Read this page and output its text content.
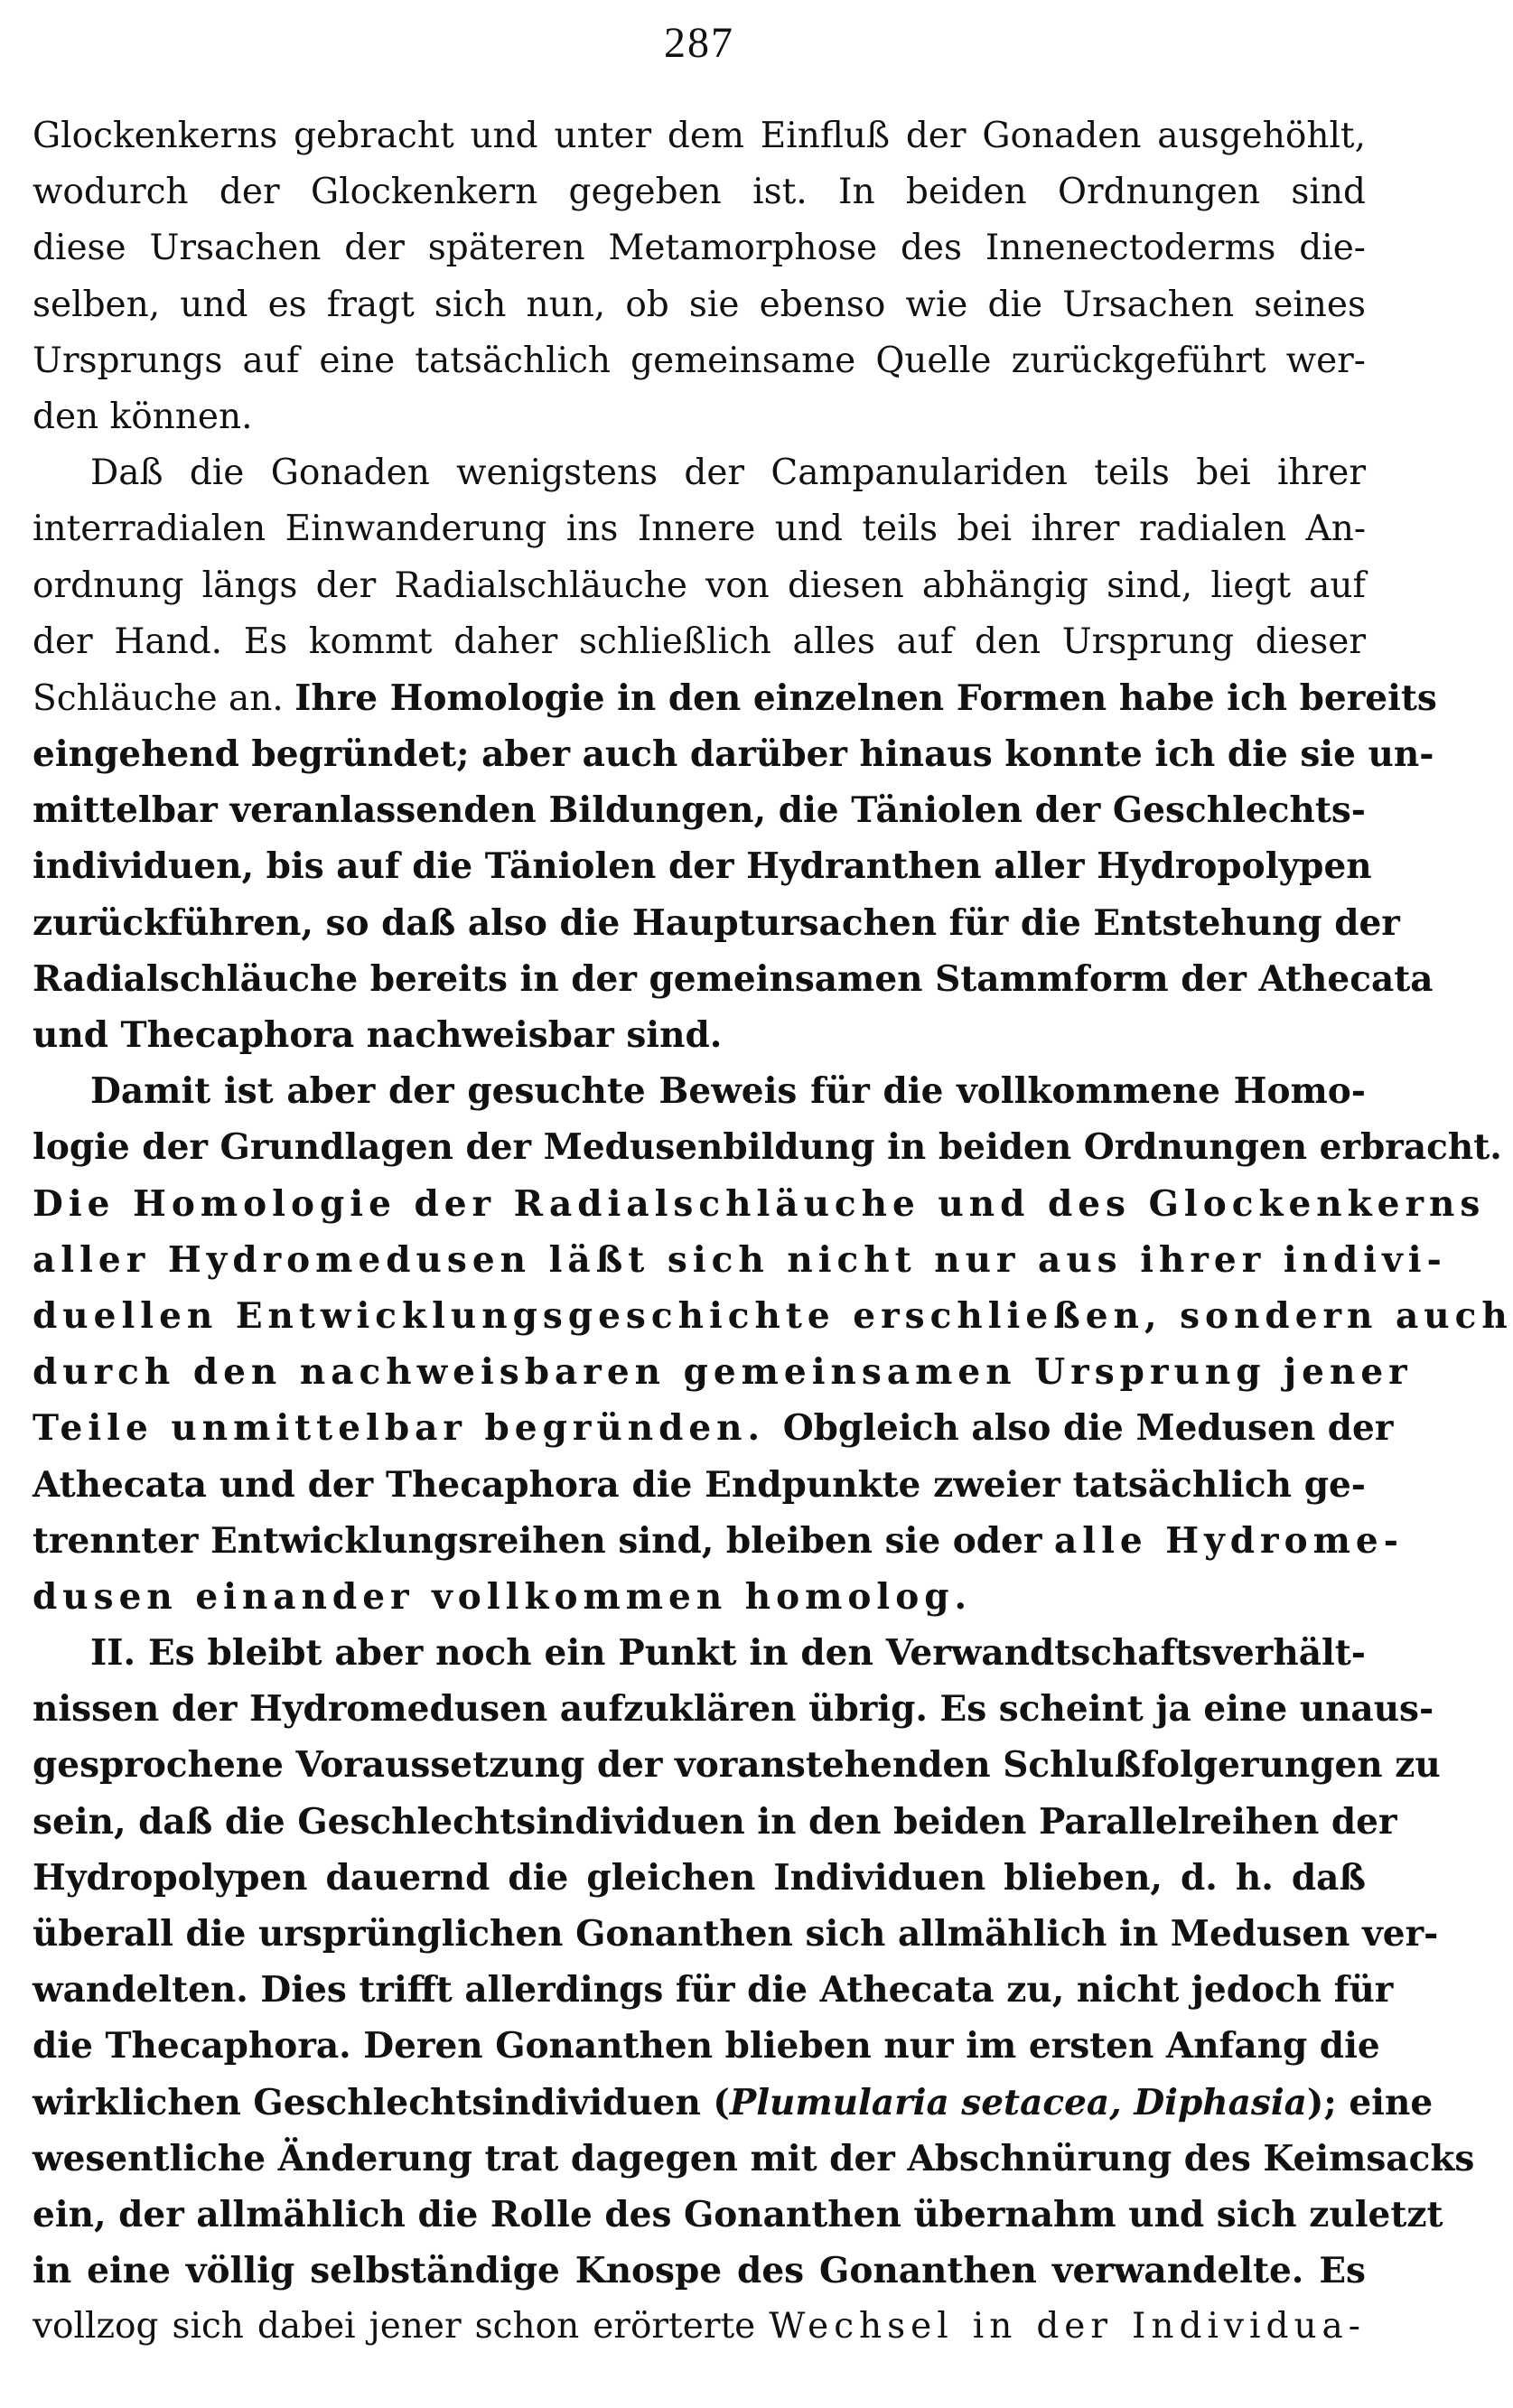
287
Glockenkerns gebracht und unter dem Einfluß der Gonaden ausgehöhlt,
wodurch der Glockenkern gegeben ist. In beiden Ordnungen sind
diese Ursachen der späteren Metamorphose des Innenectoderms die-
selben, und es fragt sich nun, ob sie ebenso wie die Ursachen seines
Ursprungs auf eine tatsächlich gemeinsame Quelle zurückgeführt wer-
den können.
Daß die Gonaden wenigstens der Campanulariden teils bei ihrer
interradialen Einwanderung ins Innere und teils bei ihrer radialen An-
ordnung längs der Radialschläuche von diesen abhängig sind, liegt auf
der Hand. Es kommt daher schließlich alles auf den Ursprung dieser
Schläuche an. Ihre Homologie in den einzelnen Formen habe ich bereits
eingehend begründet; aber auch darüber hinaus konnte ich die sie un-
mittelbar veranlassenden Bildungen, die Täniolen der Geschlechts-
individuen, bis auf die Täniolen der Hydranthen aller Hydropolypen
zurückführen, so daß also die Hauptursachen für die Entstehung der
Radialschläuche bereits in der gemeinsamen Stammform der Athecata
und Thecaphora nachweisbar sind.
Damit ist aber der gesuchte Beweis für die vollkommene Homo-
logie der Grundlagen der Medusenbildung in beiden Ordnungen erbracht.
Die Homologie der Radialschläuche und des Glockenkerns
aller Hydromedusen läßt sich nicht nur aus ihrer indivi-
duellen Entwicklungsgeschichte erschließen, sondern auch
durch den nachweisbaren gemeinsamen Ursprung jener
Teile unmittelbar begründen. Obgleich also die Medusen der
Athecata und der Thecaphora die Endpunkte zweier tatsächlich ge-
trennter Entwicklungsreihen sind, bleiben sie oder alle Hydrome-
dusen einander vollkommen homolog.
II. Es bleibt aber noch ein Punkt in den Verwandtschaftsverhält-
nissen der Hydromedusen aufzuklären übrig. Es scheint ja eine unaus-
gesprochene Voraussetzung der voranstehenden Schlußfolgerungen zu
sein, daß die Geschlechtsindividuen in den beiden Parallelreihen der
Hydropolypen dauernd die gleichen Individuen blieben, d. h. daß
überall die ursprünglichen Gonanthen sich allmählich in Medusen ver-
wandelten. Dies trifft allerdings für die Athecata zu, nicht jedoch für
die Thecaphora. Deren Gonanthen blieben nur im ersten Anfang die
wirklichen Geschlechtsindividuen (Plumularia setacea, Diphasia); eine
wesentliche Änderung trat dagegen mit der Abschnürung des Keimsacks
ein, der allmählich die Rolle des Gonanthen übernahm und sich zuletzt
in eine völlig selbständige Knospe des Gonanthen verwandelte. Es
vollzog sich dabei jener schon erörterte Wechsel in der Individua-
